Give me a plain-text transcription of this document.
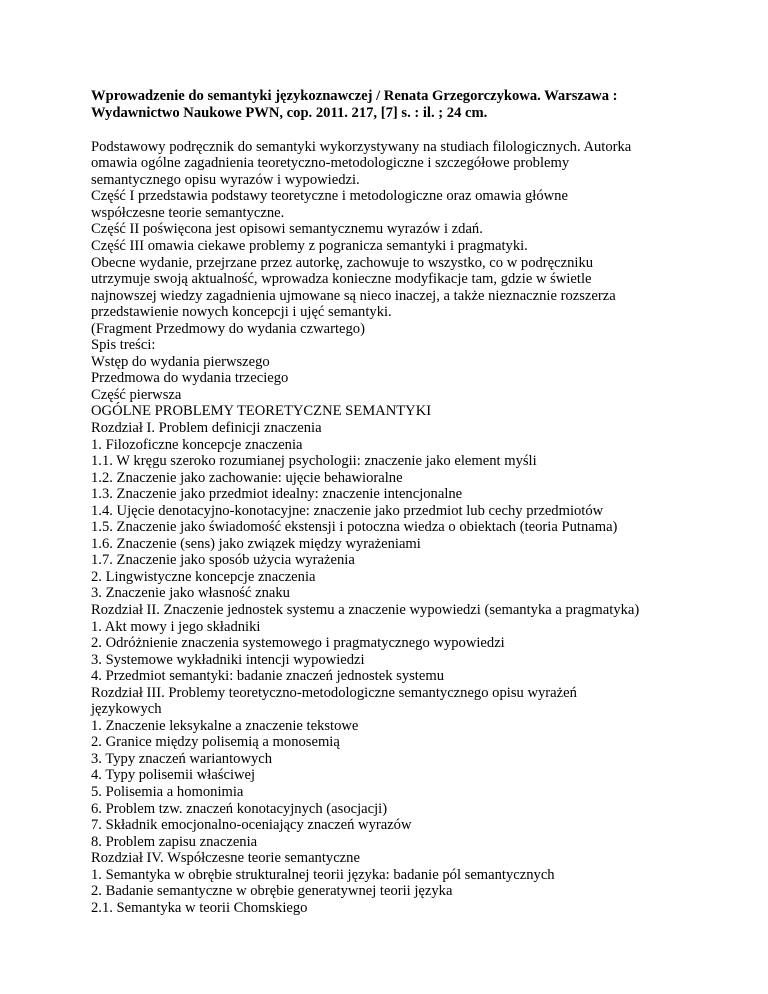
Wprowadzenie do semantyki językoznawczej / Renata Grzegorczykowa. Warszawa :
Wydawnictwo Naukowe PWN, cop. 2011. 217, [7] s. : il. ; 24 cm.
Podstawowy podręcznik do semantyki wykorzystywany na studiach filologicznych. Autorka
omawia ogólne zagadnienia teoretyczno-metodologiczne i szczegółowe problemy
semantycznego opisu wyrazów i wypowiedzi.
Część I przedstawia podstawy teoretyczne i metodologiczne oraz omawia główne
współczesne teorie semantyczne.
Część II poświęcona jest opisowi semantycznemu wyrazów i zdań.
Część III omawia ciekawe problemy z pogranicza semantyki i pragmatyki.
Obecne wydanie, przejrzane przez autorkę, zachowuje to wszystko, co w podręczniku
utrzymuje swoją aktualność, wprowadza konieczne modyfikacje tam, gdzie w świetle
najnowszej wiedzy zagadnienia ujmowane są nieco inaczej, a także nieznacznie rozszerza
przedstawienie nowych koncepcji i ujęć semantyki.
(Fragment Przedmowy do wydania czwartego)
Spis treści:
Wstęp do wydania pierwszego
Przedmowa do wydania trzeciego
Część pierwsza
OGÓLNE PROBLEMY TEORETYCZNE SEMANTYKI
Rozdział I. Problem definicji znaczenia
1. Filozoficzne koncepcje znaczenia
1.1. W kręgu szeroko rozumianej psychologii: znaczenie jako element myśli
1.2. Znaczenie jako zachowanie: ujęcie behawioralne
1.3. Znaczenie jako przedmiot idealny: znaczenie intencjonalne
1.4. Ujęcie denotacyjno-konotacyjne: znaczenie jako przedmiot lub cechy przedmiotów
1.5. Znaczenie jako świadomość ekstensji i potoczna wiedza o obiektach (teoria Putnama)
1.6. Znaczenie (sens) jako związek między wyrażeniami
1.7. Znaczenie jako sposób użycia wyrażenia
2. Lingwistyczne koncepcje znaczenia
3. Znaczenie jako własność znaku
Rozdział II. Znaczenie jednostek systemu a znaczenie wypowiedzi (semantyka a pragmatyka)
1. Akt mowy i jego składniki
2. Odróżnienie znaczenia systemowego i pragmatycznego wypowiedzi
3. Systemowe wykładniki intencji wypowiedzi
4. Przedmiot semantyki: badanie znaczeń jednostek systemu
Rozdział III. Problemy teoretyczno-metodologiczne semantycznego opisu wyrażeń
językowych
1. Znaczenie leksykalne a znaczenie tekstowe
2. Granice między polisemią a monosemią
3. Typy znaczeń wariantowych
4. Typy polisemii właściwej
5. Polisemia a homonimia
6. Problem tzw. znaczeń konotacyjnych (asocjacji)
7. Składnik emocjonalno-oceniający znaczeń wyrazów
8. Problem zapisu znaczenia
Rozdział IV. Współczesne teorie semantyczne
1. Semantyka w obrębie strukturalnej teorii języka: badanie pól semantycznych
2. Badanie semantyczne w obrębie generatywnej teorii języka
2.1. Semantyka w teorii Chomskiego
